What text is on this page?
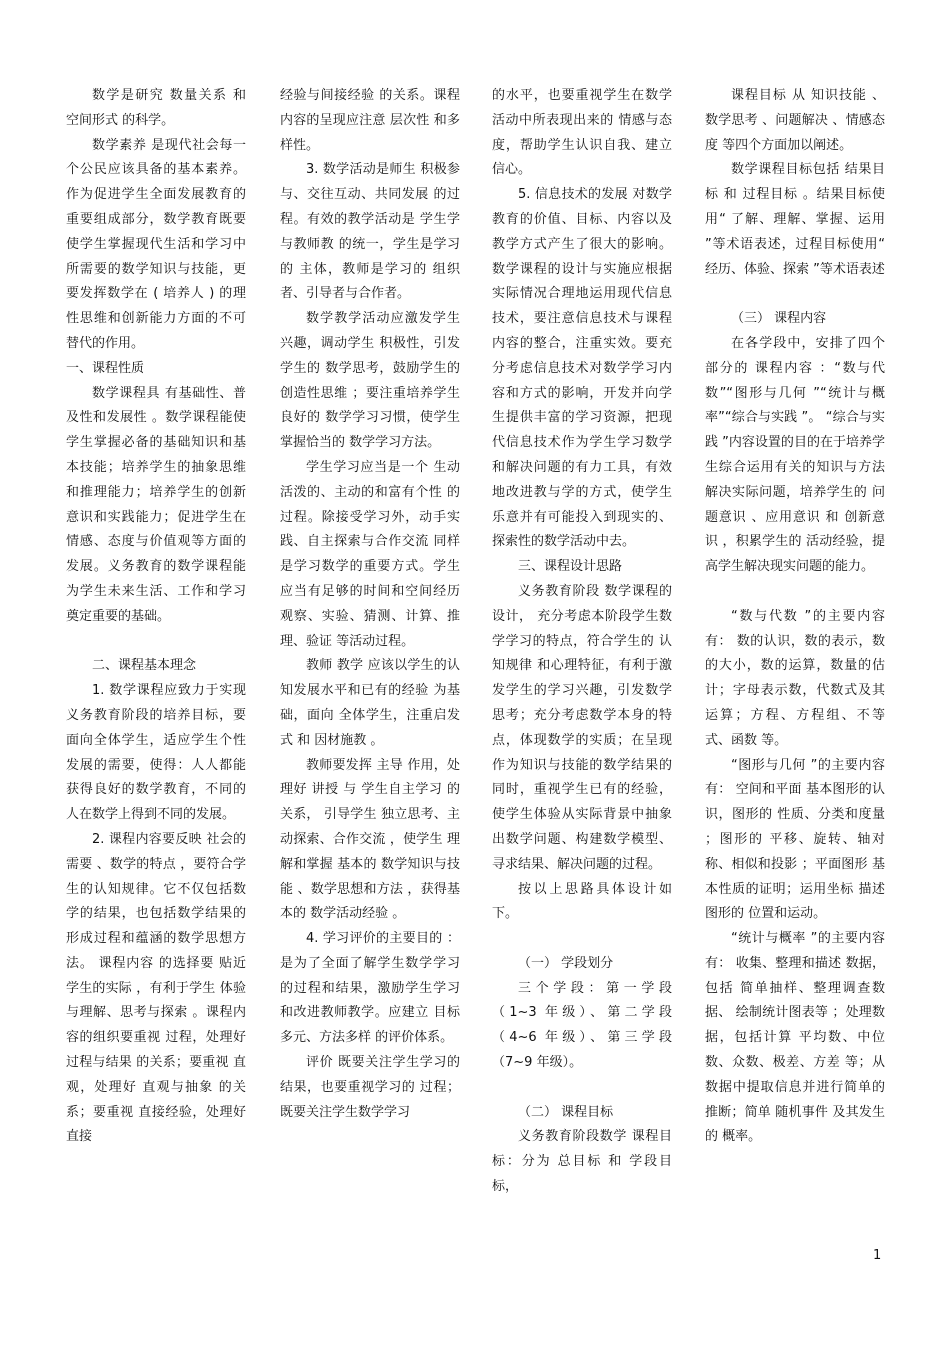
数学是研究 数量关系 和 空间形式 的科学。

数学素养 是现代社会每一个公民应该具备的基本素养。作为促进学生全面发展教育的重要组成部分，数学教育既要使学生掌握现代生活和学习中所需要的数学知识与技能，更要发挥数学在 ( 培养人 ) 的理性思维和创新能力方面的不可替代的作用。

一、课程性质

数学课程具 有基础性、普及性和发展性 。数学课程能使学生掌握必备的基础知识和基本技能；培养学生的抽象思维和推理能力；培养学生的创新意识和实践能力；促进学生在情感、态度与价值观等方面的发展。义务教育的数学课程能为学生未来生活、工作和学习奠定重要的基础。

二、课程基本理念

1. 数学课程应致力于实现义务教育阶段的培养目标，要面向全体学生，适应学生个性发展的需要，使得：人人都能获得良好的数学教育，不同的人在数学上得到不同的发展。

2. 课程内容要反映 社会的需要 、数学的特点 ，要符合学生的认知规律。它不仅包括数学的结果，也包括数学结果的形成过程和蕴涵的数学思想方法。 课程内容 的选择要 贴近学生的实际 ，有利于学生 体验与理解、思考与探索 。课程内容的组织要重视 过程，处理好 过程与结果 的关系；要重视 直观，处理好 直观与抽象 的关系；要重视 直接经验，处理好 直接

经验与间接经验 的关系。课程内容的呈现应注意 层次性 和多样性。

3. 数学活动是师生 积极参与、交往互动、共同发展 的过程。有效的教学活动是 学生学 与教师教 的统一，学生是学习的 主体，教师是学习的 组织者、引导者与合作者。

数学教学活动应激发学生 兴趣，调动学生 积极性，引发学生的 数学思考，鼓励学生的 创造性思维 ；要注重培养学生良好的 数学学习习惯，使学生掌握恰当的 数学学习方法。

学生学习应当是一个 生动活泼的、主动的和富有个性 的过程。除接受学习外，动手实践、自主探索与合作交流 同样是学习数学的重要方式。学生应当有足够的时间和空间经历 观察、实验、猜测、计算、推理、验证 等活动过程。

教师 教学 应该以学生的认知发展水平和已有的经验 为基础，面向 全体学生，注重启发式 和 因材施教 。

教师要发挥 主导 作用，处理好 讲授 与 学生自主学习 的关系， 引导学生 独立思考、主动探索、合作交流 ，使学生 理解和掌握 基本的 数学知识与技能 、数学思想和方法 ，获得基本的 数学活动经验 。

4. 学习评价的主要目的 ：是为了全面了解学生数学学习的过程和结果，激励学生学习和改进教师教学。应建立 目标多元、方法多样 的评价体系。

评价 既要关注学生学习的结果，也要重视学习的 过程；既要关注学生数学学习

的水平，也要重视学生在数学活动中所表现出来的 情感与态度，帮助学生认识自我、建立信心。

5. 信息技术的发展 对数学教育的价值、目标、内容以及教学方式产生了很大的影响。数学课程的设计与实施应根据实际情况合理地运用现代信息技术，要注意信息技术与课程内容的整合，注重实效。要充分考虑信息技术对数学学习内容和方式的影响，开发并向学生提供丰富的学习资源，把现代信息技术作为学生学习数学和解决问题的有力工具，有效地改进教与学的方式，使学生乐意并有可能投入到现实的、探索性的数学活动中去。

三、课程设计思路

义务教育阶段 数学课程的设计， 充分考虑本阶段学生数学学习的特点，符合学生的 认知规律 和心理特征，有利于激发学生的学习兴趣，引发数学思考；充分考虑数学本身的特点，体现数学的实质；在呈现作为知识与技能的数学结果的同时，重视学生已有的经验，使学生体验从实际背景中抽象出数学问题、构建数学模型、寻求结果、解决问题的过程。

按以上思路具体设计如下。

（一） 学段划分

三个学段：第一学段（1~3 年级）、第二学段（4~6 年级）、第三学段（7~9 年级）。

（二） 课程目标

义务教育阶段数学 课程目标：分为 总目标 和 学段目标，

课程目标 从 知识技能 、数学思考 、问题解决 、情感态度 等四个方面加以阐述。

数学课程目标包括 结果目标 和 过程目标 。结果目标使用“ 了解、理解、掌握、运用 ”等术语表述，过程目标使用“ 经历、体验、探索 ”等术语表述

（三） 课程内容

在各学段中，安排了四个部分的 课程内容 ：“数与代数”“图形与几何 ”“统计与概率”“综合与实践 ”。 “综合与实践 ”内容设置的目的在于培养学生综合运用有关的知识与方法解决实际问题，培养学生的 问题意识 、应用意识 和 创新意识 ，积累学生的 活动经验，提高学生解决现实问题的能力。

“数与代数 ”的主要内容有： 数的认识，数的表示，数的大小，数的运算，数量的估计；字母表示数，代数式及其运算；方程、方程组、不等式、函数 等。

“图形与几何 ”的主要内容有： 空间和平面 基本图形的认识，图形的 性质、分类和度量 ；图形的 平移、旋转、轴对称、相似和投影 ；平面图形 基本性质的证明；运用坐标 描述图形的 位置和运动。

“统计与概率 ”的主要内容有： 收集、整理和描述 数据，包括 简单抽样、整理调查数据、 绘制统计图表等 ；处理数据，包括计算 平均数、中位数、众数、极差、方差 等；从数据中提取信息并进行简单的 推断；简单 随机事件 及其发生的 概率。

1
